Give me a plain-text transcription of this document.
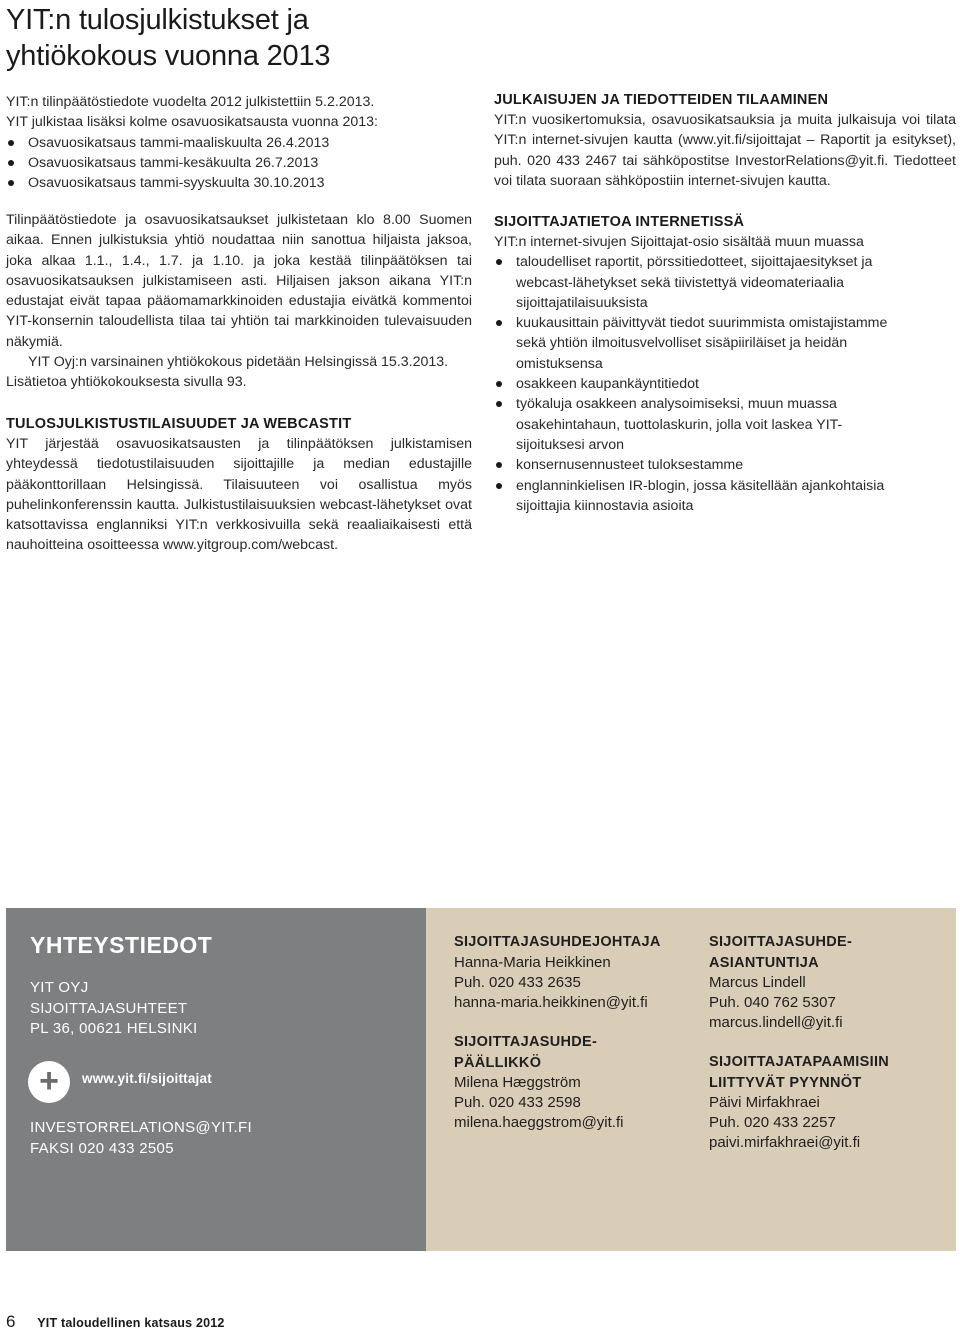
YIT:n tulosjulkistukset ja
yhtiökokous vuonna 2013

YIT:n tilinpäätöstiedote vuodelta 2012 julkistettiin 5.2.2013.

YIT julkistaa lisäksi kolme osavuosikatsausta vuonna 2013:

Osavuosikatsaus tammi-maaliskuulta 26.4.2013
Osavuosikatsaus tammi-kesäkuulta 26.7.2013
Osavuosikatsaus tammi-syyskuulta 30.10.2013

Tilinpäätöstiedote ja osavuosikatsaukset julkistetaan klo 8.00 Suomen aikaa. Ennen julkistuksia yhtiö noudattaa niin sanottua hiljaista jaksoa, joka alkaa 1.1., 1.4., 1.7. ja 1.10. ja joka kestää tilinpäätöksen tai osavuosikatsauksen julkistamiseen asti. Hiljaisen jakson aikana YIT:n edustajat eivät tapaa pääomamarkkinoiden edustajia eivätkä kommentoi YIT-konsernin taloudellista tilaa tai yhtiön tai markkinoiden tulevaisuuden näkymiä.

YIT Oyj:n varsinainen yhtiökokous pidetään Helsingissä 15.3.2013. Lisätietoa yhtiökokouksesta sivulla 93.

TULOSJULKISTUSTILAISUUDET JA WEBCASTIT

YIT järjestää osavuosikatsausten ja tilinpäätöksen julkistamisen yhteydessä tiedotustilaisuuden sijoittajille ja median edustajille pääkonttorillaan Helsingissä. Tilaisuuteen voi osallistua myös puhelinkonferenssin kautta. Julkistustilaisuuksien webcast-lähetykset ovat katsottavissa englanniksi YIT:n verkkosivuilla sekä reaaliaikaisesti että nauhoitteina osoitteessa www.yitgroup.com/webcast.

JULKAISUJEN JA TIEDOTTEIDEN TILAAMINEN

YIT:n vuosikertomuksia, osavuosikatsauksia ja muita julkaisuja voi tilata YIT:n internet-sivujen kautta (www.yit.fi/sijoittajat – Raportit ja esitykset), puh. 020 433 2467 tai sähköpostitse InvestorRelations@yit.fi. Tiedotteet voi tilata suoraan sähköpostiin internet-sivujen kautta.

SIJOITTAJATIETOA INTERNETISSÄ

YIT:n internet-sivujen Sijoittajat-osio sisältää muun muassa

taloudelliset raportit, pörssitiedotteet, sijoittajaesitykset ja webcast-lähetykset sekä tiivistettyä videomateriaalia sijoittajatilaisuuksista
kuukausittain päivittyvät tiedot suurimmista omistajistamme sekä yhtiön ilmoitusvelvolliset sisäpiiriläiset ja heidän omistuksensa
osakkeen kaupankäyntitiedot
työkaluja osakkeen analysoimiseksi, muun muassa osakehintahaun, tuottolaskurin, jolla voit laskea YIT- sijoituksesi arvon
konsernusennusteet tuloksestamme
englanninkielisen IR-blogin, jossa käsitellään ajankohtaisia sijoittajia kiinnostavia asioita
YHTEYSTIEDOT
YIT OYJ
SIJOITTAJASUHTEET
PL 36, 00621 HELSINKI
+	www.yit.fi/sijoittajat
INVESTORRELATIONS@YIT.FI
FAKSI 020 433 2505

SIJOITTAJASUHDEJOHTAJA

Hanna-Maria Heikkinen

Puh. 020 433 2635

hanna-maria.heikkinen@yit.fi

SIJOITTAJASUHDE-

PÄÄLLIKKÖ

Milena Hæggström

Puh. 020 433 2598

milena.haeggstrom@yit.fi

SIJOITTAJASUHDE-

ASIANTUNTIJA

Marcus Lindell

Puh. 040 762 5307

marcus.lindell@yit.fi

SIJOITTAJATAPAAMISIIN

LIITTYVÄT PYYNNÖT

Päivi Mirfakhraei

Puh. 020 433 2257

paivi.mirfakhraei@yit.fi

6 YIT taloudellinen katsaus 2012
